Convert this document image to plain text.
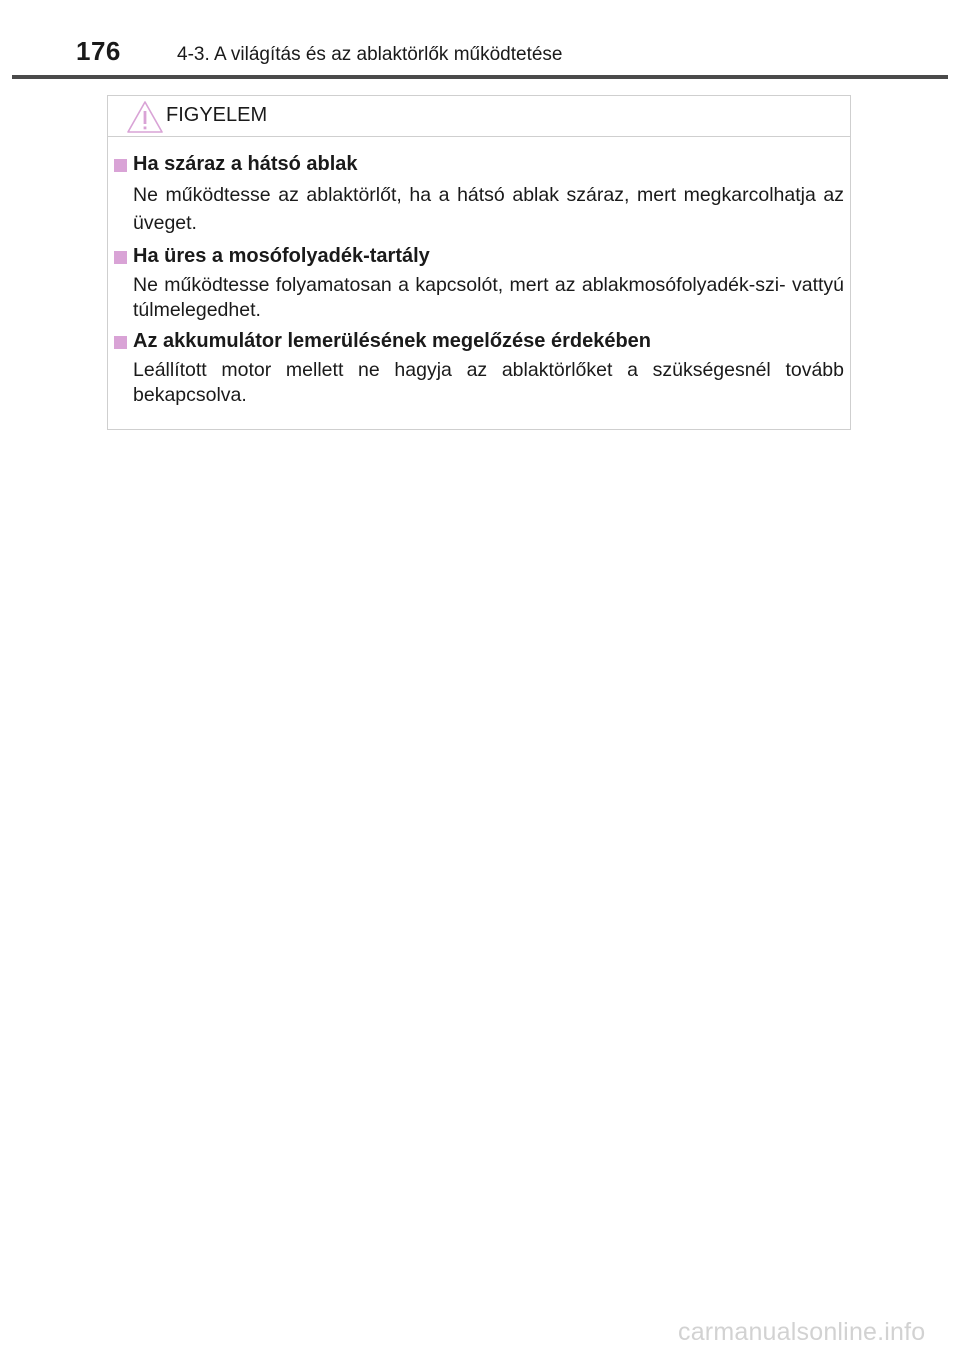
176	4-3. A világítás és az ablaktörlők működtetése
FIGYELEM
Ha száraz a hátsó ablak
Ne működtesse az ablaktörlőt, ha a hátsó ablak száraz, mert megkarcolhatja az üveget.
Ha üres a mosófolyadék-tartály
Ne működtesse folyamatosan a kapcsolót, mert az ablakmosófolyadék-szi- vattyú túlmelegedhet.
Az akkumulátor lemerülésének megelőzése érdekében
Leállított motor mellett ne hagyja az ablaktörlőket a szükségesnél tovább bekapcsolva.
carmanualsonline.info
